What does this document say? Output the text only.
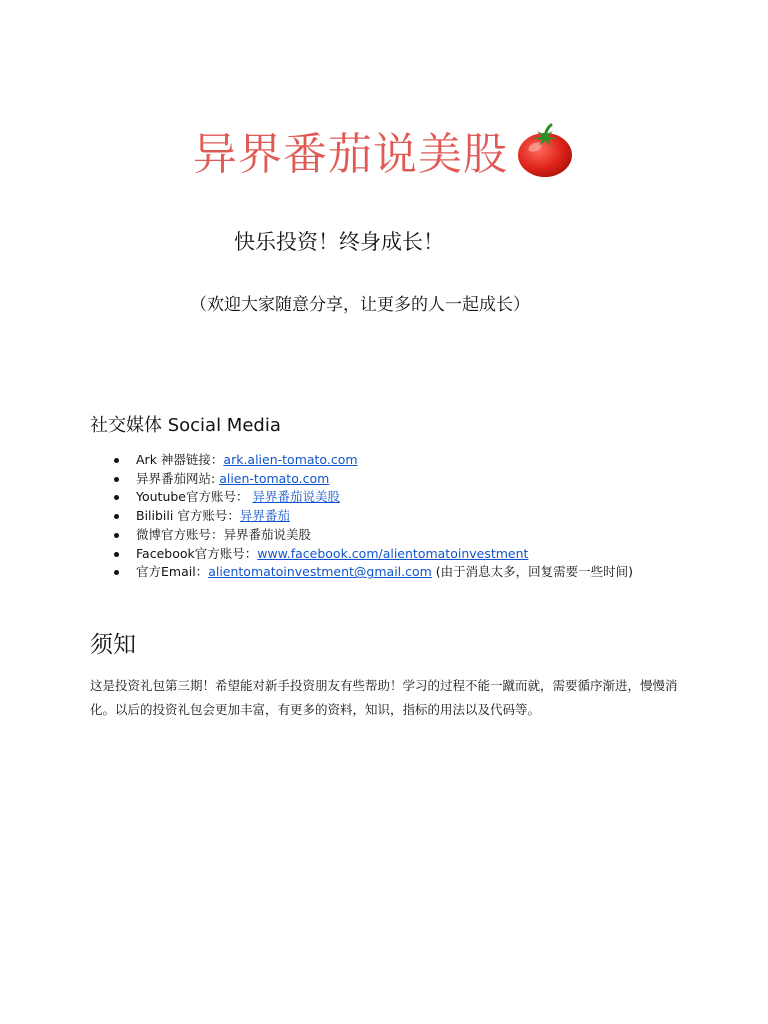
异界番茄说美股
快乐投资！终身成长！
（欢迎大家随意分享，让更多的人一起成长）
社交媒体 Social Media
Ark 神器链接：ark.alien-tomato.com
异界番茄网站: alien-tomato.com
Youtube官方账号： 异界番茄说美股
Bilibili 官方账号：异界番茄
微博官方账号：异界番茄说美股
Facebook官方账号：www.facebook.com/alientomatoinvestment
官方Email：alientomatoinvestment@gmail.com (由于消息太多，回复需要一些时间)
须知
这是投资礼包第三期！希望能对新手投资朋友有些帮助！学习的过程不能一蹴而就，需要循序渐进，慢慢消化。以后的投资礼包会更加丰富，有更多的资料，知识，指标的用法以及代码等。
